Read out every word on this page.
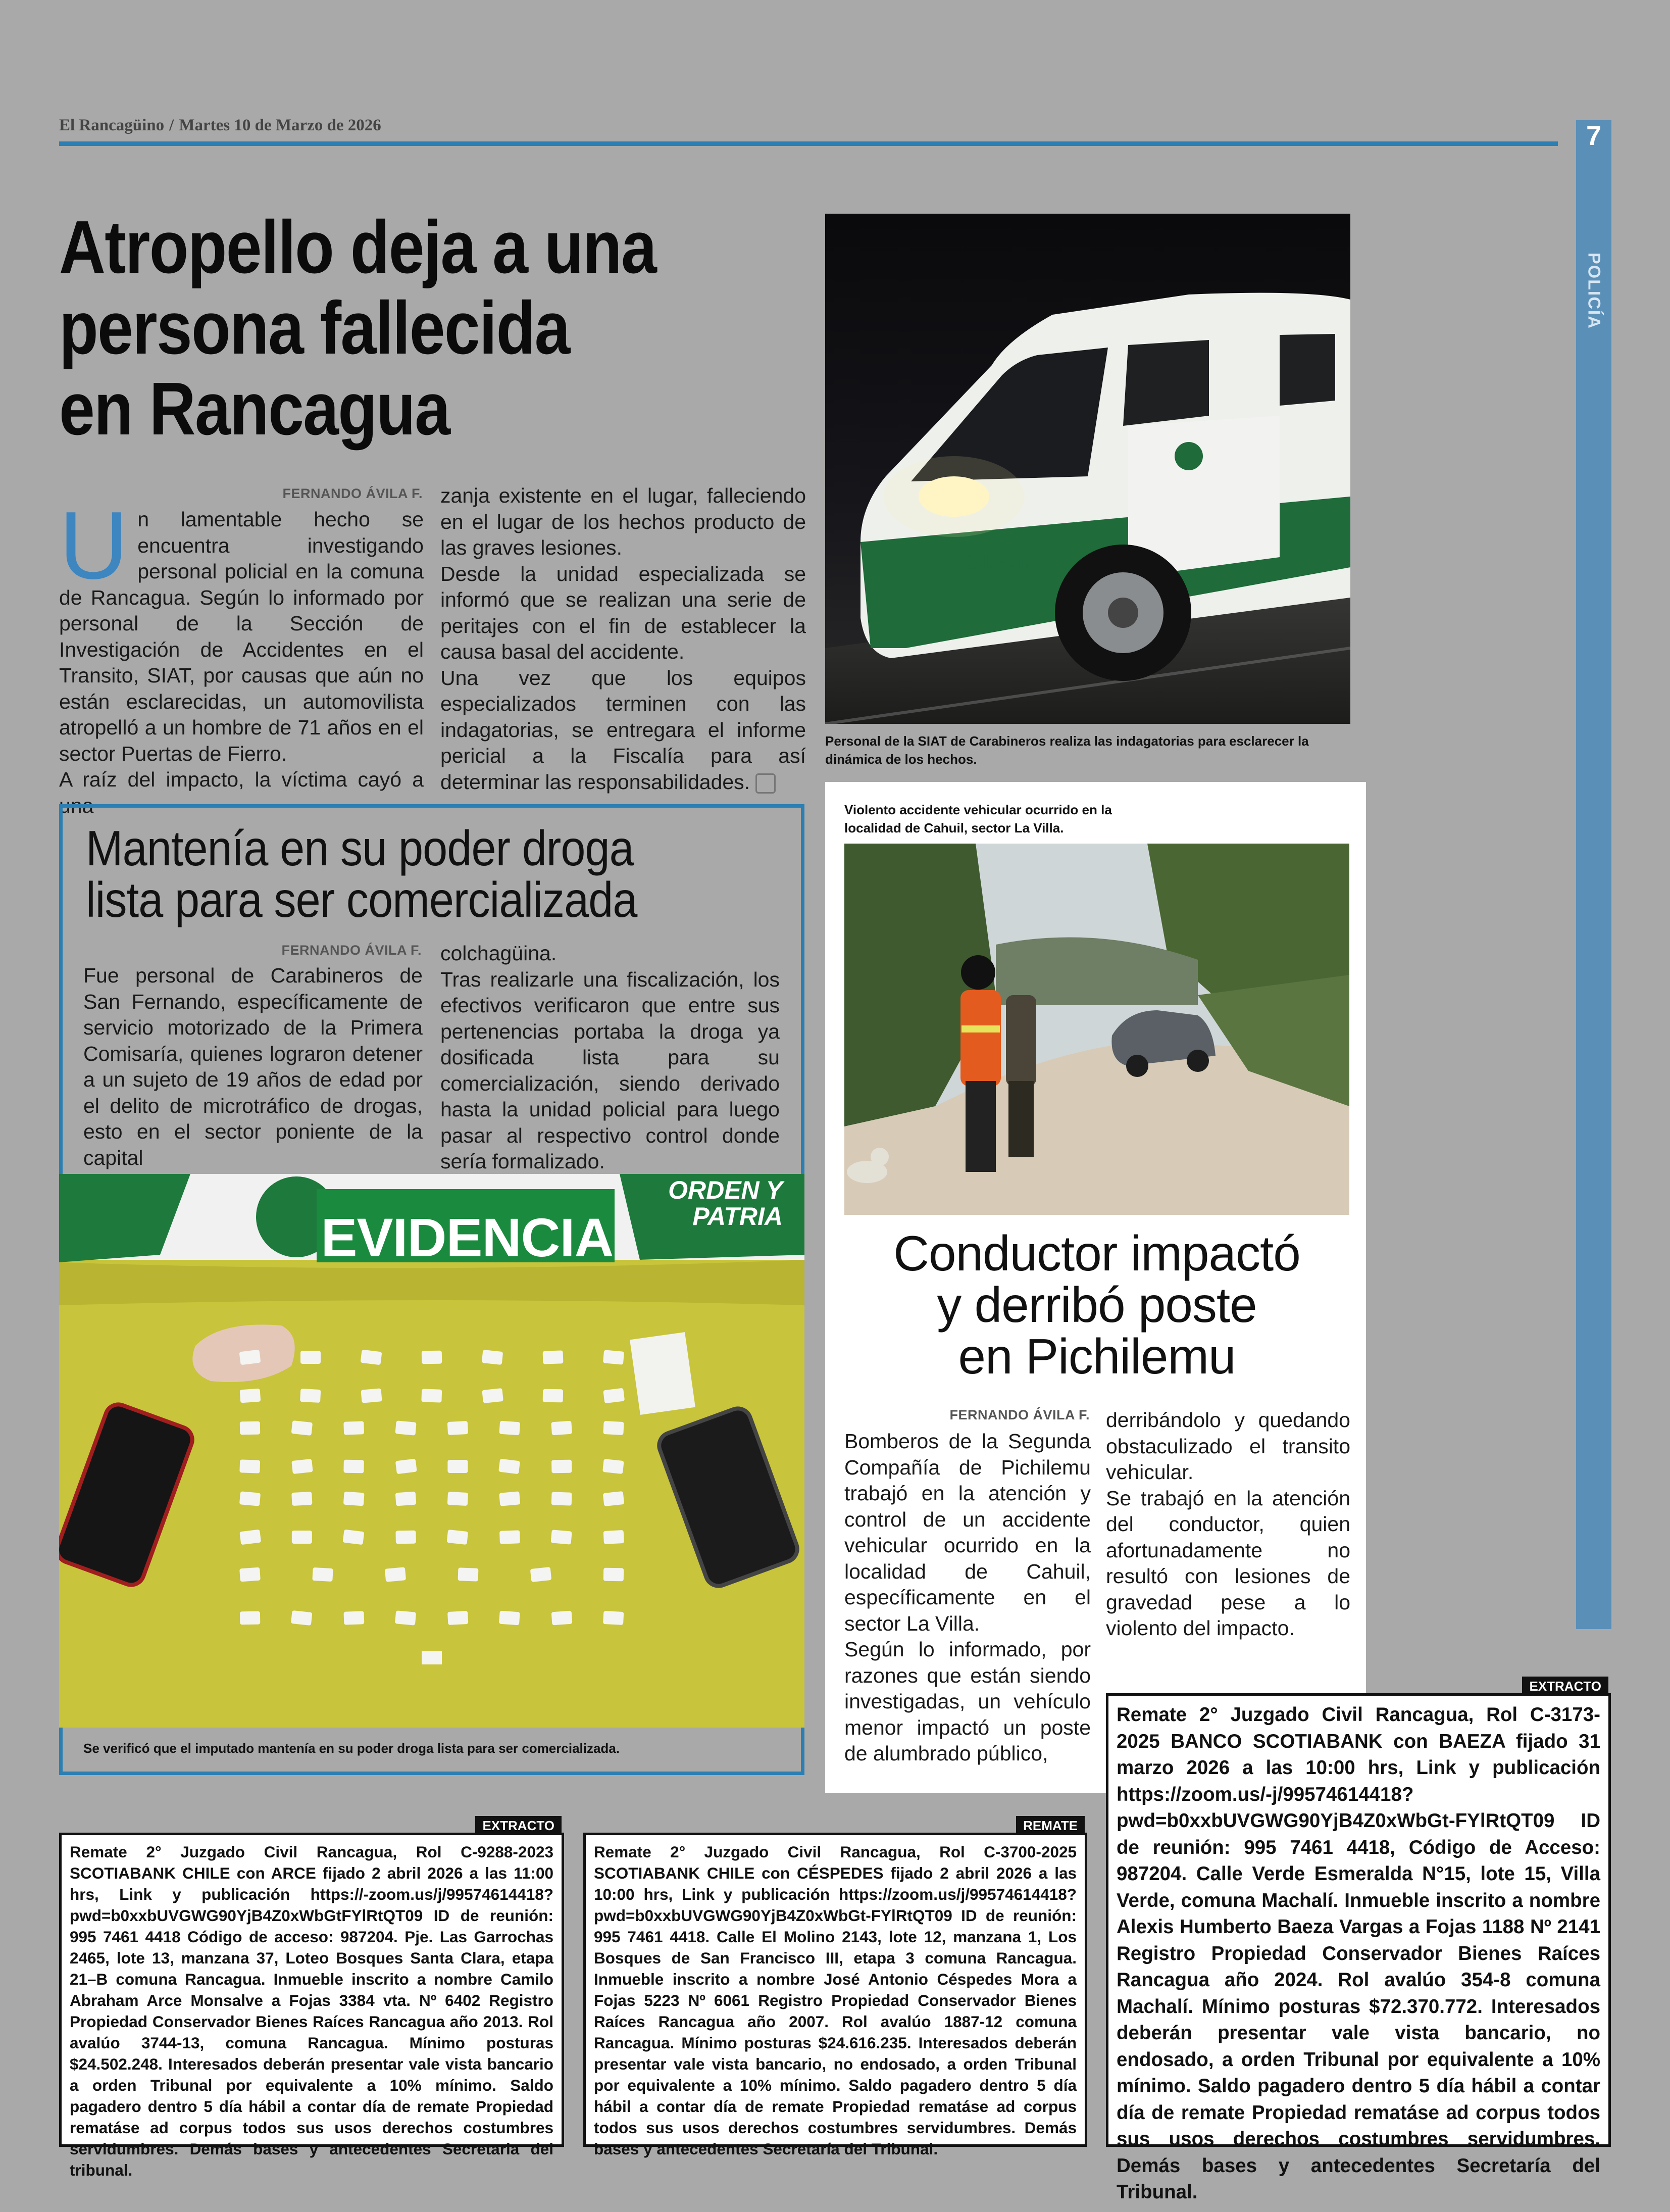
El Rancagüino / Martes 10 de Marzo de 2026	7
POLICÍA
Atropello deja a una
persona fallecida
en Rancagua
FERNANDO ÁVILA F.
U n lamentable hecho se encuentra investigando personal policial en la comuna de Rancagua. Según lo informado por personal de la Sección de Investigación de Accidentes en el Transito, SIAT, por causas que aún no están esclarecidas, un automovilista atropelló a un hombre de 71 años en el sector Puertas de Fierro.

A raíz del impacto, la víctima cayó a una

zanja existente en el lugar, falleciendo en el lugar de los hechos producto de las graves lesiones.

Desde la unidad especializada se informó que se realizan una serie de peritajes con el fin de establecer la causa basal del accidente.

Una vez que los equipos especializados terminen con las indagatorias, se entregara el informe pericial a la Fiscalía para así determinar las responsabilidades.

S.I.A.T.
Personal de la SIAT de Carabineros realiza las indagatorias para esclarecer la dinámica de los hechos.
Mantenía en su poder droga
lista para ser comercializada
FERNANDO ÁVILA F.

Fue personal de Carabineros de San Fernando, específicamente de servicio motorizado de la Primera Comisaría, quienes lograron detener a un sujeto de 19 años de edad por el delito de microtráfico de drogas, esto en el sector poniente de la capital

colchagüina.

Tras realizarle una fiscalización, los efectivos verificaron que entre sus pertenencias portaba la droga ya dosificada lista para su comercialización, siendo derivado hasta la unidad policial para luego pasar al respectivo control donde sería formalizado.

EVIDENCIA
ORDEN Y PATRIA
Se verificó que el imputado mantenía en su poder droga lista para ser comercializada.
Violento accidente vehicular ocurrido en la localidad de Cahuil, sector La Villa.
Conductor impactó
y derribó poste
en Pichilemu
FERNANDO ÁVILA F.

Bomberos de la Segunda Compañía de Pichilemu trabajó en la atención y control de un accidente vehicular ocurrido en la localidad de Cahuil, específicamente en el sector La Villa.

Según lo informado, por razones que están siendo investigadas, un vehículo menor impactó un poste de alumbrado público,

derribándolo y quedando obstaculizado el transito vehicular.

Se trabajó en la atención del conductor, quien afortunadamente no resultó con lesiones de gravedad pese a lo violento del impacto.

EXTRACTO
Remate 2° Juzgado Civil Rancagua, Rol C-9288-2023 SCOTIABANK CHILE con ARCE fijado 2 abril 2026 a las 11:00 hrs, Link y publicación https://-zoom.us/j/99574614418?pwd=b0xxbUVGWG90YjB4Z0xWbGtFYlRtQT09 ID de reunión: 995 7461 4418 Código de acceso: 987204. Pje. Las Garrochas 2465, lote 13, manzana 37, Loteo Bosques Santa Clara, etapa 21–B comuna Rancagua. Inmueble inscrito a nombre Camilo Abraham Arce Monsalve a Fojas 3384 vta. Nº 6402 Registro Propiedad Conservador Bienes Raíces Rancagua año 2013. Rol avalúo 3744-13, comuna Rancagua. Mínimo posturas $24.502.248. Interesados deberán presentar vale vista bancario a orden Tribunal por equivalente a 10% mínimo. Saldo pagadero dentro 5 día hábil a contar día de remate Propiedad rematáse ad corpus todos sus usos derechos costumbres servidumbres. Demás bases y antecedentes Secretaria del tribunal.
REMATE
Remate 2° Juzgado Civil Rancagua, Rol C-3700-2025 SCOTIABANK CHILE con CÉSPEDES fijado 2 abril 2026 a las 10:00 hrs, Link y publicación https://zoom.us/j/99574614418? pwd=b0xxbUVGWG90YjB4Z0xWbGt-FYlRtQT09 ID de reunión: 995 7461 4418. Calle El Molino 2143, lote 12, manzana 1, Los Bosques de San Francisco III, etapa 3 comuna Rancagua. Inmueble inscrito a nombre José Antonio Céspedes Mora a Fojas 5223 Nº 6061 Registro Propiedad Conservador Bienes Raíces Rancagua año 2007. Rol avalúo 1887-12 comuna Rancagua. Mínimo posturas $24.616.235. Interesados deberán presentar vale vista bancario, no endosado, a orden Tribunal por equivalente a 10% mínimo. Saldo pagadero dentro 5 día hábil a contar día de remate Propiedad rematáse ad corpus todos sus usos derechos costumbres servidumbres. Demás bases y antecedentes Secretaría del Tribunal.
EXTRACTO
Remate 2° Juzgado Civil Rancagua, Rol C-3173-2025 BANCO SCOTIABANK con BAEZA fijado 31 marzo 2026 a las 10:00 hrs, Link y publicación https://zoom.us/-j/99574614418? pwd=b0xxbUVGWG90YjB4Z0xWbGt-FYlRtQT09 ID de reunión: 995 7461 4418, Código de Acceso: 987204. Calle Verde Esmeralda N°15, lote 15, Villa Verde, comuna Machalí. Inmueble inscrito a nombre Alexis Humberto Baeza Vargas a Fojas 1188 Nº 2141 Registro Propiedad Conservador Bienes Raíces Rancagua año 2024. Rol avalúo 354-8 comuna Machalí. Mínimo posturas $72.370.772. Interesados deberán presentar vale vista bancario, no endosado, a orden Tribunal por equivalente a 10% mínimo. Saldo pagadero dentro 5 día hábil a contar día de remate Propiedad rematáse ad corpus todos sus usos derechos costumbres servidumbres. Demás bases y antecedentes Secretaría del Tribunal.
